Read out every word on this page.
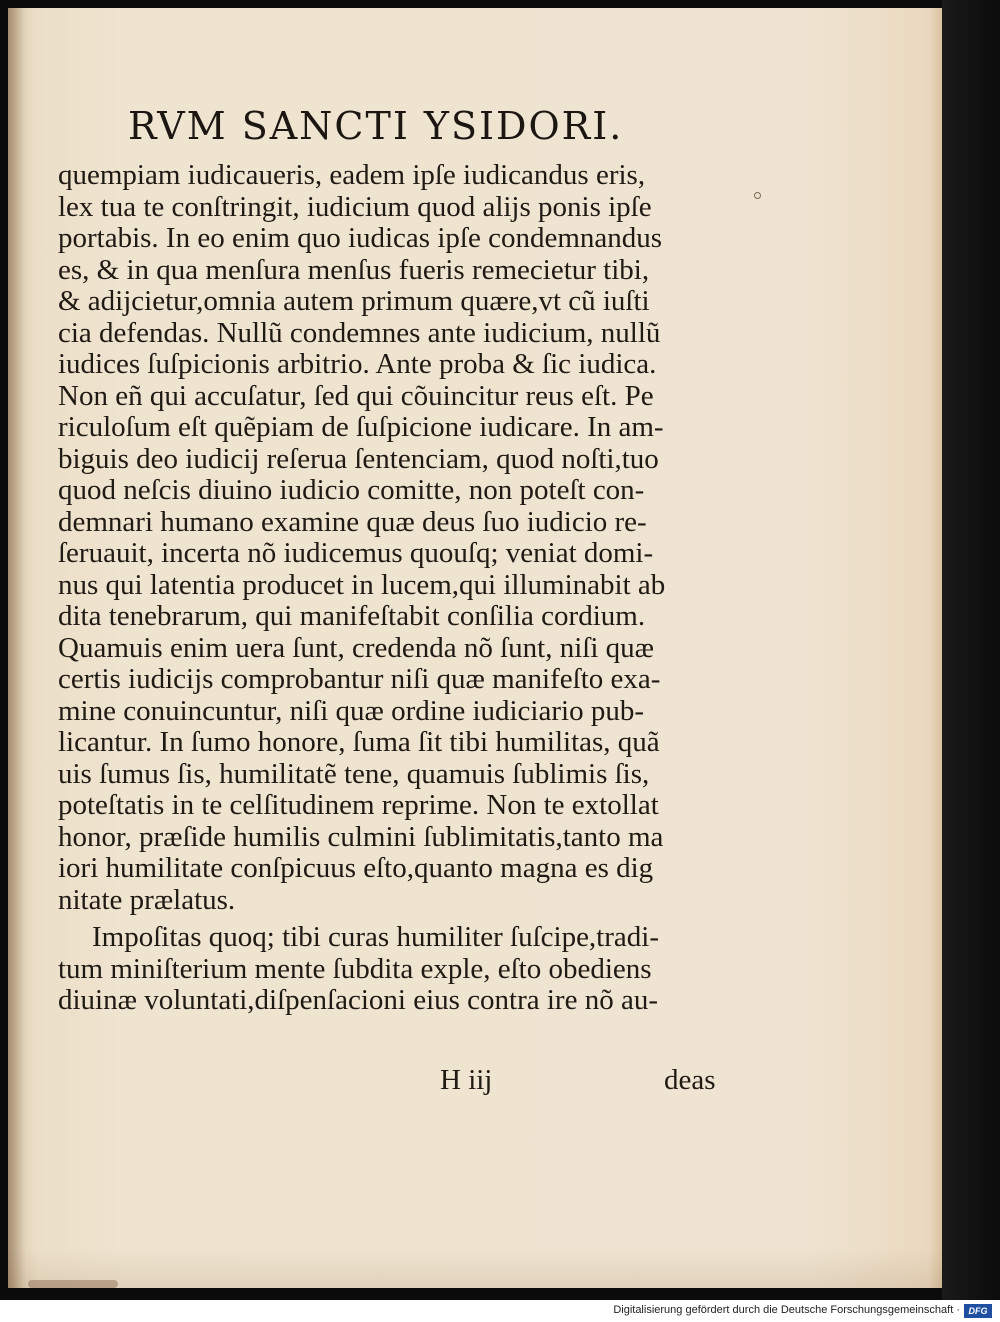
RVM SANCTI YSIDORI.
quempiam iudicaueris, eadem ipſe iudicandus eris,
lex tua te conſtringit, iudicium quod alijs ponis ipſe
portabis. In eo enim quo iudicas ipſe condemnandus
es, & in qua menſura menſus fueris remecietur tibi,
& adijcietur,omnia autem primum quære,vt cũ iuſti
cia defendas. Nullũ condemnes ante iudicium, nullũ
iudices ſuſpicionis arbitrio. Ante proba & ſic iudica.
Non eñ qui accuſatur, ſed qui cõuincitur reus eſt. Pe
riculoſum eſt quẽpiam de ſuſpicione iudicare. In am-
biguis deo iudicij reſerua ſentenciam, quod noſti,tuo
quod neſcis diuino iudicio comitte, non poteſt con-
demnari humano examine quæ deus ſuo iudicio re-
ſeruauit, incerta nõ iudicemus quouſq; veniat domi-
nus qui latentia producet in lucem,qui illuminabit ab
dita tenebrarum, qui manifeſtabit conſilia cordium.
Quamuis enim uera ſunt, credenda nõ ſunt, niſi quæ
certis iudicijs comprobantur niſi quæ manifeſto exa-
mine conuincuntur, niſi quæ ordine iudiciario pub-
licantur. In ſumo honore, ſuma ſit tibi humilitas, quã
uis ſumus ſis, humilitatẽ tene, quamuis ſublimis ſis,
poteſtatis in te celſitudinem reprime. Non te extollat
honor, præſide humilis culmini ſublimitatis,tanto ma
iori humilitate conſpicuus eſto,quanto magna es dig
nitate prælatus.
Impoſitas quoq; tibi curas humiliter ſuſcipe,tradi-
tum miniſterium mente ſubdita exple, eſto obediens
diuinæ voluntati,diſpenſacioni eius contra ire nõ au-
H iij	deas
Digitalisierung gefördert durch die Deutsche Forschungsgemeinschaft · DFG
